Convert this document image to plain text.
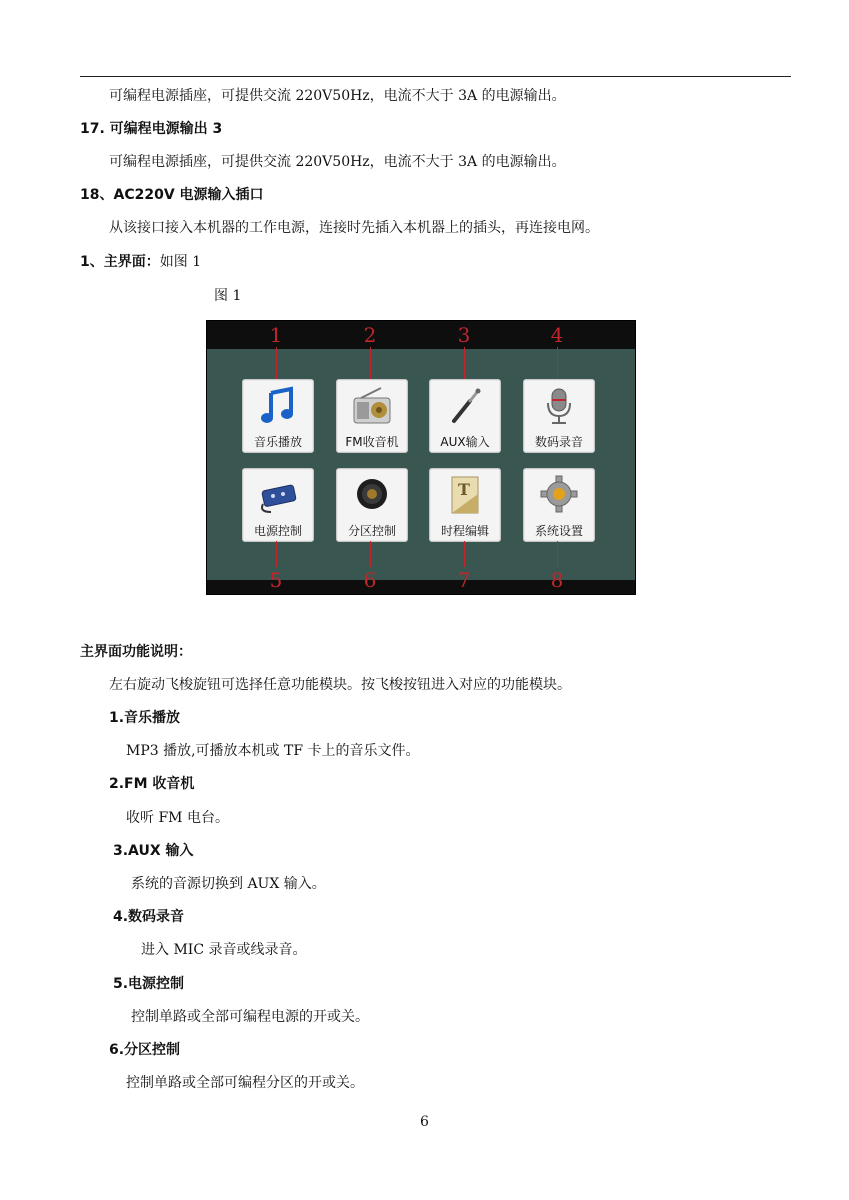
可编程电源插座，可提供交流 220V50Hz，电流不大于 3A 的电源输出。
17. 可编程电源输出 3
可编程电源插座，可提供交流 220V50Hz，电流不大于 3A 的电源输出。
18、AC220V 电源输入插口
从该接口接入本机器的工作电源，连接时先插入本机器上的插头，再连接电网。
1、主界面：如图 1
图 1
1	2	3	4
音乐播放	FM收音机	AUX输入	数码录音
电源控制	分区控制
T
时程编辑	系统设置
5	6	7	8
主界面功能说明：
左右旋动飞梭旋钮可选择任意功能模块。按飞梭按钮进入对应的功能模块。
1.音乐播放
MP3 播放,可播放本机或 TF 卡上的音乐文件。
2.FM 收音机
收听 FM 电台。
3.AUX 输入
系统的音源切换到 AUX 输入。
4.数码录音
进入 MIC 录音或线录音。
5.电源控制
控制单路或全部可编程电源的开或关。
6.分区控制
控制单路或全部可编程分区的开或关。
6
